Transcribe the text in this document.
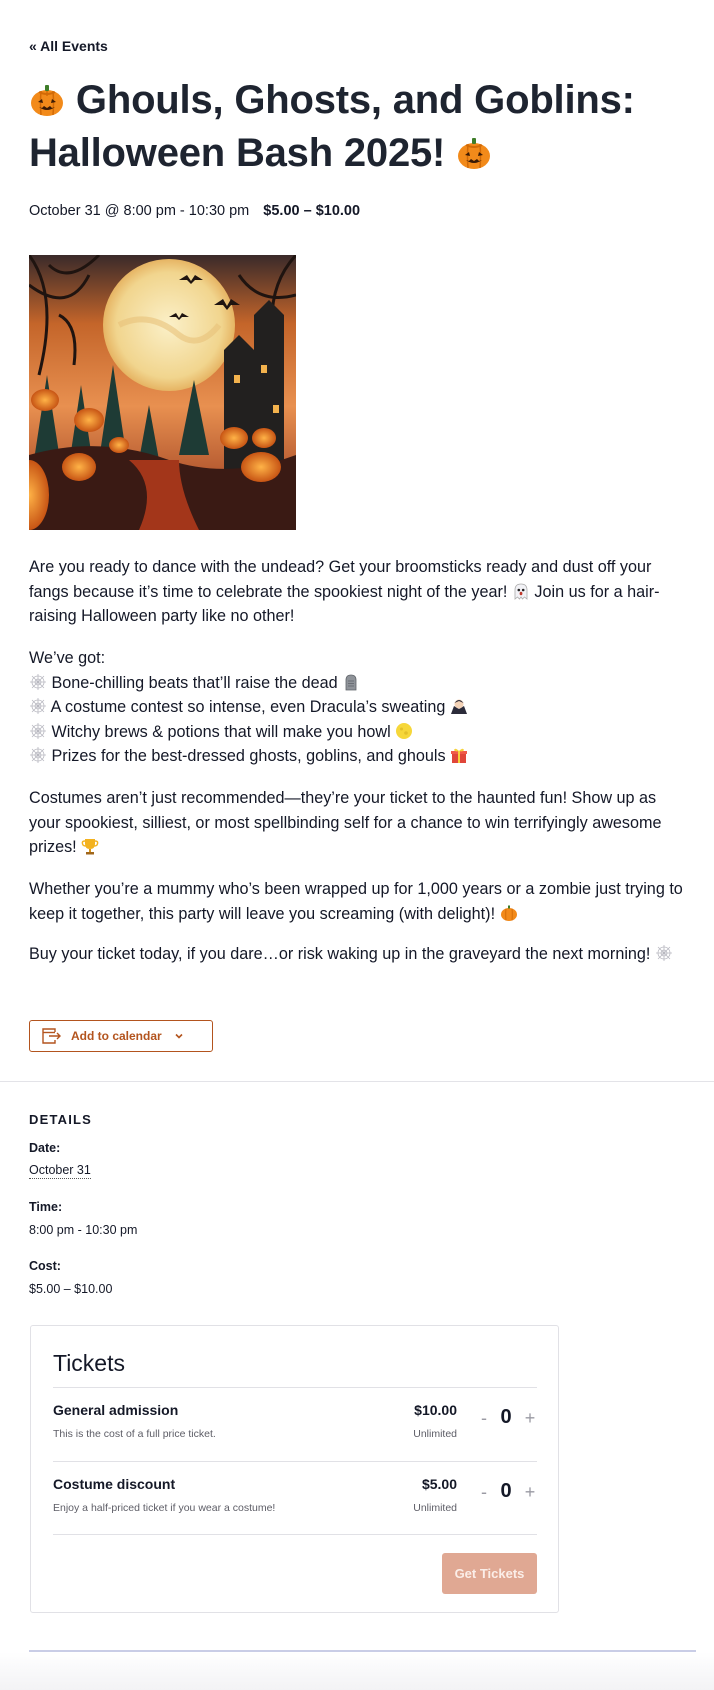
« All Events
Ghouls, Ghosts, and Goblins: Halloween Bash 2025!
October 31 @ 8:00 pm - 10:30 pm $5.00 – $10.00

Are you ready to dance with the undead? Get your broomsticks ready and dust off your fangs because it’s time to celebrate the spookiest night of the year! Join us for a hair-raising Halloween party like no other!

We’ve got:
Bone-chilling beats that’ll raise the dead
A costume contest so intense, even Dracula’s sweating
Witchy brews & potions that will make you howl
Prizes for the best-dressed ghosts, goblins, and ghouls

Costumes aren’t just recommended—they’re your ticket to the haunted fun! Show up as your spookiest, silliest, or most spellbinding self for a chance to win terrifyingly awesome prizes!

Whether you’re a mummy who’s been wrapped up for 1,000 years or a zombie just trying to keep it together, this party will leave you screaming (with delight)!

Buy your ticket today, if you dare…or risk waking up in the graveyard the next morning!

Add to calendar
DETAILS
Date:
October 31
Time:
8:00 pm - 10:30 pm
Cost:
$5.00 – $10.00
Tickets
General admission
This is the cost of a full price ticket.
$10.00
Unlimited
- 0 +
Costume discount
Enjoy a half-priced ticket if you wear a costume!
$5.00
Unlimited
- 0 +
Get Tickets
